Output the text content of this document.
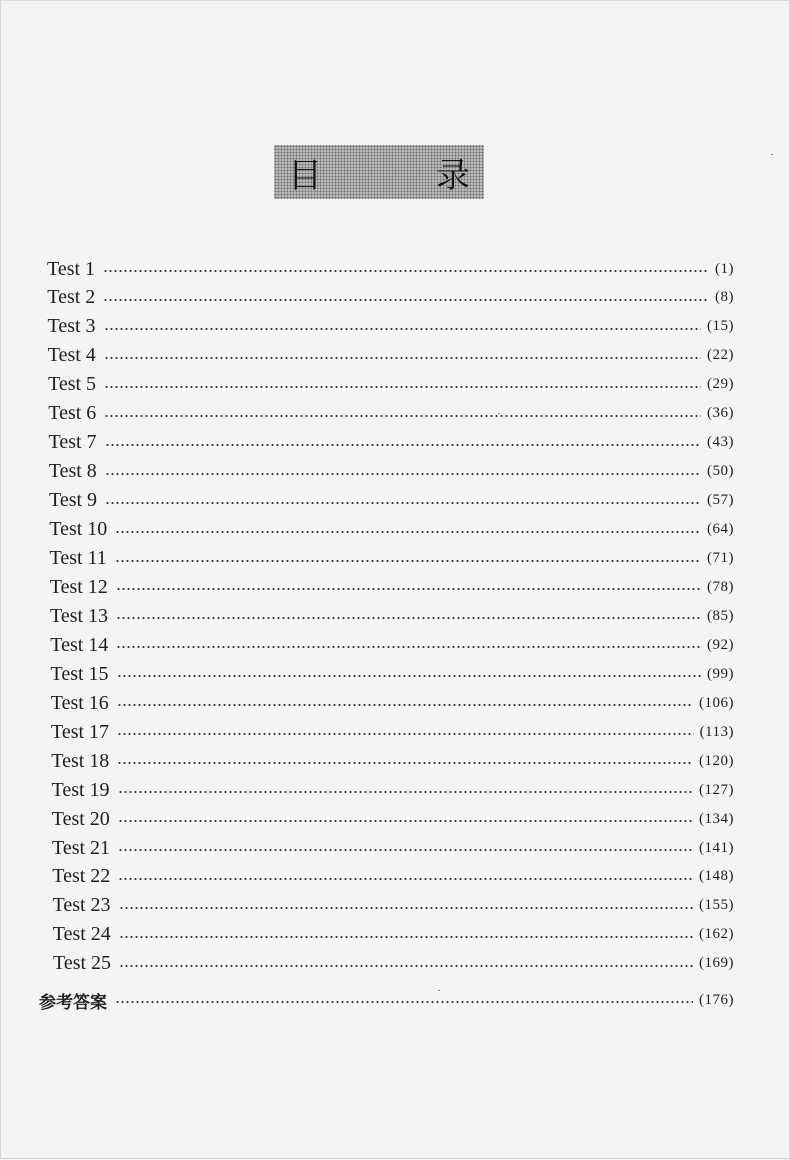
目　录
Test 1	(1)
Test 2	(8)
Test 3	(15)
Test 4	(22)
Test 5	(29)
Test 6	(36)
Test 7	(43)
Test 8	(50)
Test 9	(57)
Test 10	(64)
Test 11	(71)
Test 12	(78)
Test 13	(85)
Test 14	(92)
Test 15	(99)
Test 16	(106)
Test 17	(113)
Test 18	(120)
Test 19	(127)
Test 20	(134)
Test 21	(141)
Test 22	(148)
Test 23	(155)
Test 24	(162)
Test 25	(169)
参考答案	(176)
